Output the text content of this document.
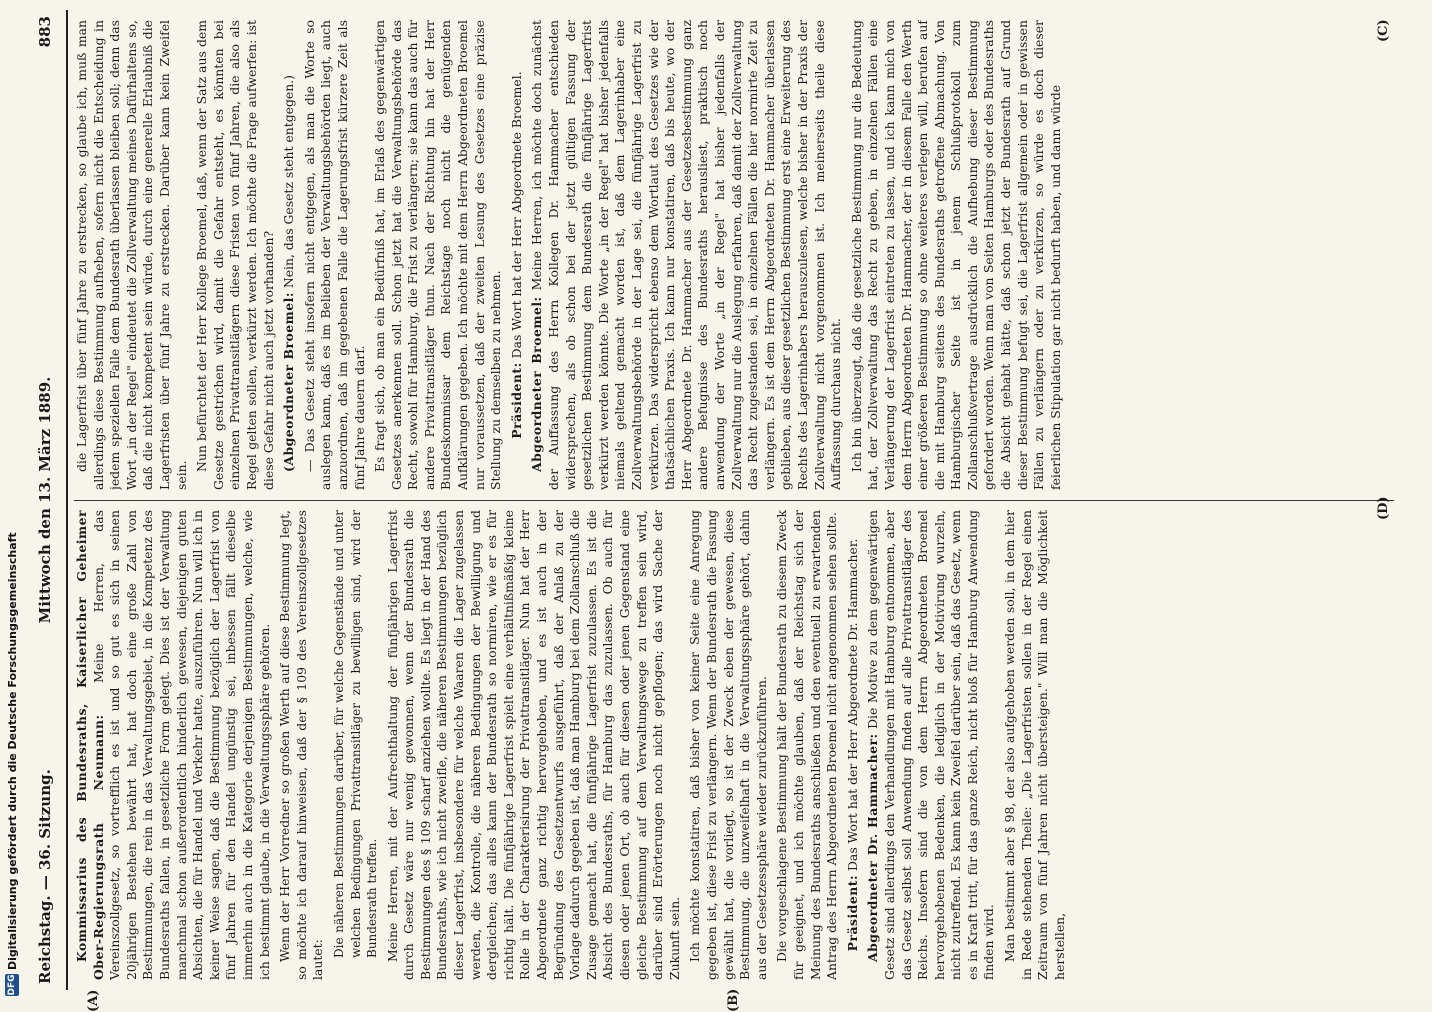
Reichstag. — 36. Sitzung.
Mittwoch den 13. März 1889.
883

Kommissarius des Bundesraths, Kaiserlicher Geheimer Ober-Regierungsrath Neumann: Meine Herren, das Vereinszollgesetz, so vortrefflich es ist und so gut es sich in seinen 20jährigen Bestehen bewährt hat, hat doch eine große Zahl von Bestimmungen, die rein in das Verwaltungsgebiet, in die Kompetenz des Bundesraths fallen, in gesetzliche Form gelegt. Dies ist der Verwaltung manchmal schon außerordentlich hinderlich gewesen, diejenigen guten Absichten, die für Handel und Verkehr hatte, auszuführen. Nun will ich in keiner Weise sagen, daß die Bestimmung bezüglich der Lagerfrist von fünf Jahren für den Handel ungünstig sei, inbessen fällt dieselbe immerhin auch in die Kategorie derjenigen Bestimmungen, welche, wie ich bestimmt glaube, in die Verwaltungssphäre gehören. Wenn der Herr Vorredner so großen Werth auf diese Bestimmung legt, so möchte ich darauf hinweisen, daß der § 109 des Vereinszollgesetzes lautet:

Die näheren Bestimmungen darüber, für welche Gegenstände und unter welchen Bedingungen Privattransitläger zu bewilligen sind, wird der Bundesrath treffen. Meine Herren, mit der Aufrechthaltung der fünfjährigen Lagerfrist durch Gesetz wäre nur wenig gewonnen, wenn der Bundesrath die Bestimmungen des § 109 scharf anziehen wollte. Es liegt in der Hand des Bundesraths, wie ich nicht zweifle, die näheren Bestimmungen bezüglich dieser Lagerfrist, insbesondere für welche Waaren die Lager zugelassen werden, die Kontrolle, die näheren Bedingungen der Bewilligung und dergleichen; das alles kann der Bundesrath so normiren, wie er es für richtig hält. Die fünfjährige Lagerfrist spielt eine verhältnißmäßig kleine Rolle in der Charakterisirung der Privattransitläger. Nun hat der Herr Abgeordnete ganz richtig hervorgehoben, und es ist auch in der Begründung des Gesetzentwurfs ausgeführt, daß der Anlaß zu der Vorlage dadurch gegeben ist, daß man Hamburg bei dem Zollanschluß die Zusage gemacht hat, die fünfjährige Lagerfrist zuzulassen. Es ist die Absicht des Bundesraths, für Hamburg das zuzulassen. Ob auch für diesen oder jenen Ort, ob auch für diesen oder jenen Gegenstand eine gleiche Bestimmung auf dem Verwaltungswege zu treffen sein wird, darüber sind Erörterungen noch nicht gepflogen; das wird Sache der Zukunft sein. Ich möchte konstatiren, daß bisher von keiner Seite eine Anregung gegeben ist, diese Frist zu verlängern. Wenn der Bundesrath die Fassung gewählt hat, die vorliegt, so ist der Zweck eben der gewesen, diese Bestimmung, die unzweifelhaft in die Verwaltungssphäre gehört, dahin aus der Gesetzessphäre wieder zurückzuführen. Die vorgeschlagene Bestimmung hält der Bundesrath zu diesem Zweck für geeignet, und ich möchte glauben, daß der Reichstag sich der Meinung des Bundesraths anschließen und den eventuell zu erwartenden Antrag des Herrn Abgeordneten Broemel nicht angenommen sehen sollte. Präsident: Das Wort hat der Herr Abgeordnete Dr. Hammacher. Abgeordneter Dr. Hammacher: Die Motive zu dem gegenwärtigen Gesetz sind allerdings den Verhandlungen mit Hamburg entnommen, aber das Gesetz selbst soll Anwendung finden auf alle Privattransitläger des Reichs. Insofern sind die von dem Herrn Abgeordneten Broemel hervorgehobenen Bedenken, die lediglich in der Motivirung wurzeln, nicht zutreffend. Es kann kein Zweifel darüber sein, daß das Gesetz, wenn es in Kraft tritt, für das ganze Reich, nicht bloß für Hamburg Anwendung finden wird. Man bestimmt aber § 98, der also aufgehoben werden soll, in dem hier in Rede stehenden Theile: „Die Lagerfristen sollen in der Regel einen Zeitraum von fünf Jahren nicht übersteigen." Will man die Möglichkeit herstellen,

die Lagerfrist über fünf Jahre zu erstrecken, so glaube ich, muß man allerdings diese Bestimmung aufheben, sofern nicht die Entscheidung in jedem speziellen Falle dem Bundesrath überlassen bleiben soll; denn das Wort „in der Regel" eindeutet die Zollverwaltung meines Dafürhaltens so, daß die nicht kompetent sein würde, durch eine generelle Erlaubniß die Lagerfristen über fünf Jahre zu erstrecken. Darüber kann kein Zweifel sein.

Nun befürchtet der Herr Kollege Broemel, daß, wenn der Satz aus dem Gesetze gestrichen wird, damit die Gefahr entsteht, es könnten bei einzelnen Privattransitlägern diese Fristen von fünf Jahren, die also als Regel gelten sollen, verkürzt werden. Ich möchte die Frage aufwerfen: ist diese Gefahr nicht auch jetzt vorhanden? (Abgeordneter Broemel: Nein, das Gesetz steht entgegen.) — Das Gesetz steht insofern nicht entgegen, als man die Worte so auslegen kann, daß es im Belieben der Verwaltungsbehörden liegt, auch anzuordnen, daß im gegebenen Falle die Lagerungsfrist kürzere Zeit als fünf Jahre dauern darf. Es fragt sich, ob man ein Bedürfniß hat, im Erlaß des gegenwärtigen Gesetzes anerkennen soll. Schon jetzt hat die Verwaltungsbehörde das Recht, sowohl für Hamburg, die Frist zu verlängern; sie kann das auch für andere Privattransitläger thun. Nach der Richtung hin hat der Herr Bundeskommissar dem Reichstage noch nicht die genügenden Aufklärungen gegeben. Ich möchte mit dem Herrn Abgeordneten Broemel nur voraussetzen, daß der zweiten Lesung des Gesetzes eine präzise Stellung zu demselben zu nehmen. Präsident: Das Wort hat der Herr Abgeordnete Broemel.

Abgeordneter Broemel: Meine Herren, ich möchte doch zunächst der Auffassung des Herrn Kollegen Dr. Hammacher entschieden widersprechen, als ob schon bei der jetzt gültigen Fassung der gesetzlichen Bestimmung dem Bundesrath die fünfjährige Lagerfrist verkürzt werden könnte. Die Worte „in der Regel" hat bisher jedenfalls niemals geltend gemacht worden ist, daß dem Lagerinhaber eine Zollverwaltungsbehörde in der Lage sei, die fünfjährige Lagerfrist zu verkürzen. Das widerspricht ebenso dem Wortlaut des Gesetzes wie der thatsächlichen Praxis. Ich kann nur konstatiren, daß bis heute, wo der Herr Abgeordnete Dr. Hammacher aus der Gesetzesbestimmung ganz andere Befugnisse des Bundesraths herausliest, praktisch noch anwendung der Worte „in der Regel" hat bisher jedenfalls der Zollverwaltung nur die Auslegung erfahren, daß damit der Zollverwaltung das Recht zugestanden sei, in einzelnen Fällen die hier normirte Zeit zu verlängern. Es ist dem Herrn Abgeordneten Dr. Hammacher überlassen geblieben, aus dieser gesetzlichen Bestimmung erst eine Erweiterung des Rechts des Lagerinhabers herauszulesen, welche bisher in der Praxis der Zollverwaltung nicht vorgenommen ist. Ich meinerseits theile diese Auffassung durchaus nicht. Ich bin überzeugt, daß die gesetzliche Bestimmung nur die Bedeutung hat, der Zollverwaltung das Recht zu geben, in einzelnen Fällen eine Verlängerung der Lagerfrist eintreten zu lassen, und ich kann mich von dem Herrn Abgeordneten Dr. Hammacher, der in diesem Falle den Werth einer größeren Bestimmung so ohne weiteres verlegen will, berufen auf die mit Hamburg seitens des Bundesraths getroffene Abmachung. Von Hamburgischer Seite ist in jenem Schlußprotokoll zum Zollanschlußvertrage ausdrücklich die Aufhebung dieser Bestimmung gefordert worden. Wenn man von Seiten Hamburgs oder des Bundesraths die Absicht gehabt hätte, daß schon jetzt der Bundesrath auf Grund dieser Bestimmung befugt sei, die Lagerfrist allgemein oder in gewissen Fällen zu verlängern oder zu verkürzen, so würde es doch dieser feierlichen Stipulation gar nicht bedurft haben, und dann würde

(A)	(B)
(C)
(D)
DFG
Digitalisierung gefördert durch die Deutsche Forschungsgemeinschaft
